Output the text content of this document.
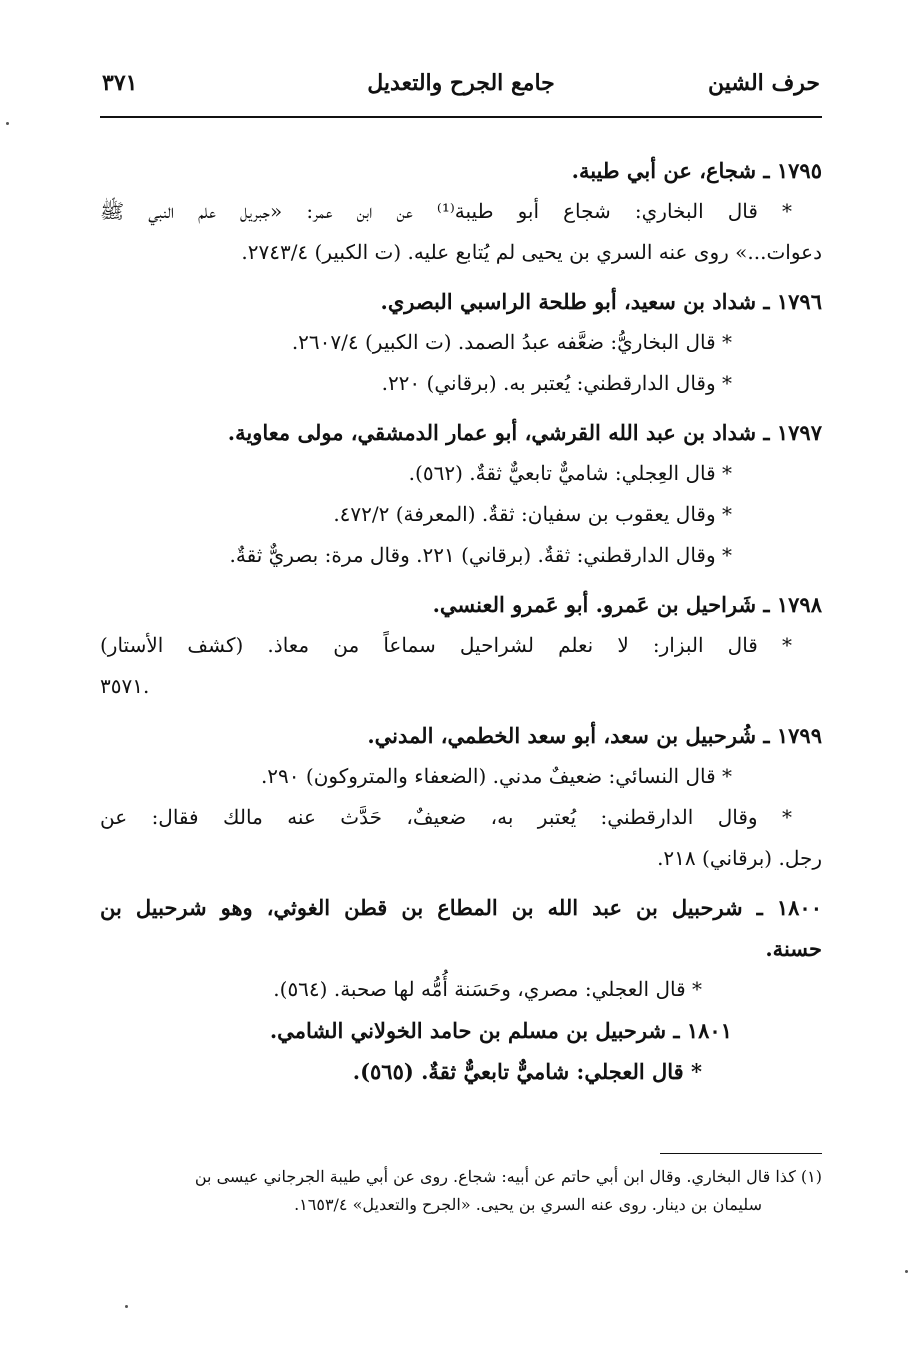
حرف الشين
جامع الجرح والتعديل
٣٧١
١٧٩٥ ـ شجاع، عن أبي طيبة.
* قال البخاري: شجاع أبو طيبة⁽¹⁾ عن ابن عمر: «جبريل علم النبي ﷺ
دعوات...» روى عنه السري بن يحيى لم يُتابع عليه. (ت الكبير) ٢٧٤٣/٤.
١٧٩٦ ـ شداد بن سعيد، أبو طلحة الراسبي البصري.
* قال البخاريُّ: ضعَّفه عبدُ الصمد. (ت الكبير) ٢٦٠٧/٤.
* وقال الدارقطني: يُعتبر به. (برقاني) ٢٢٠.
١٧٩٧ ـ شداد بن عبد الله القرشي، أبو عمار الدمشقي، مولى معاوية.
* قال العِجلي: شاميٌّ تابعيٌّ ثقةٌ. (٥٦٢).
* وقال يعقوب بن سفيان: ثقةٌ. (المعرفة) ٤٧٢/٢.
* وقال الدارقطني: ثقةٌ. (برقاني) ٢٢١. وقال مرة: بصريٌّ ثقةٌ.
١٧٩٨ ـ شَراحيل بن عَمرو. أبو عَمرو العنسي.
* قال البزار: لا نعلم لشراحيل سماعاً من معاذ. (كشف الأستار)
٣٥٧١.
١٧٩٩ ـ شُرحبيل بن سعد، أبو سعد الخطمي، المدني.
* قال النسائي: ضعيفٌ مدني. (الضعفاء والمتروكون) ٢٩٠.
* وقال الدارقطني: يُعتبر به، ضعيفٌ، حَدَّث عنه مالك فقال: عن
رجل. (برقاني) ٢١٨.
١٨٠٠ ـ شرحبيل بن عبد الله بن المطاع بن قطن الغوثي، وهو شرحبيل بن
حسنة.
* قال العجلي: مصري، وحَسَنة أُمُّه لها صحبة. (٥٦٤).
١٨٠١ ـ شرحبيل بن مسلم بن حامد الخولاني الشامي.
* قال العجلي: شاميٌّ تابعيٌّ ثقةٌ. (٥٦٥).
(١) كذا قال البخاري. وقال ابن أبي حاتم عن أبيه: شجاع. روى عن أبي طيبة الجرجاني عيسى بن
سليمان بن دينار. روى عنه السري بن يحيى. «الجرح والتعديل» ١٦٥٣/٤.
